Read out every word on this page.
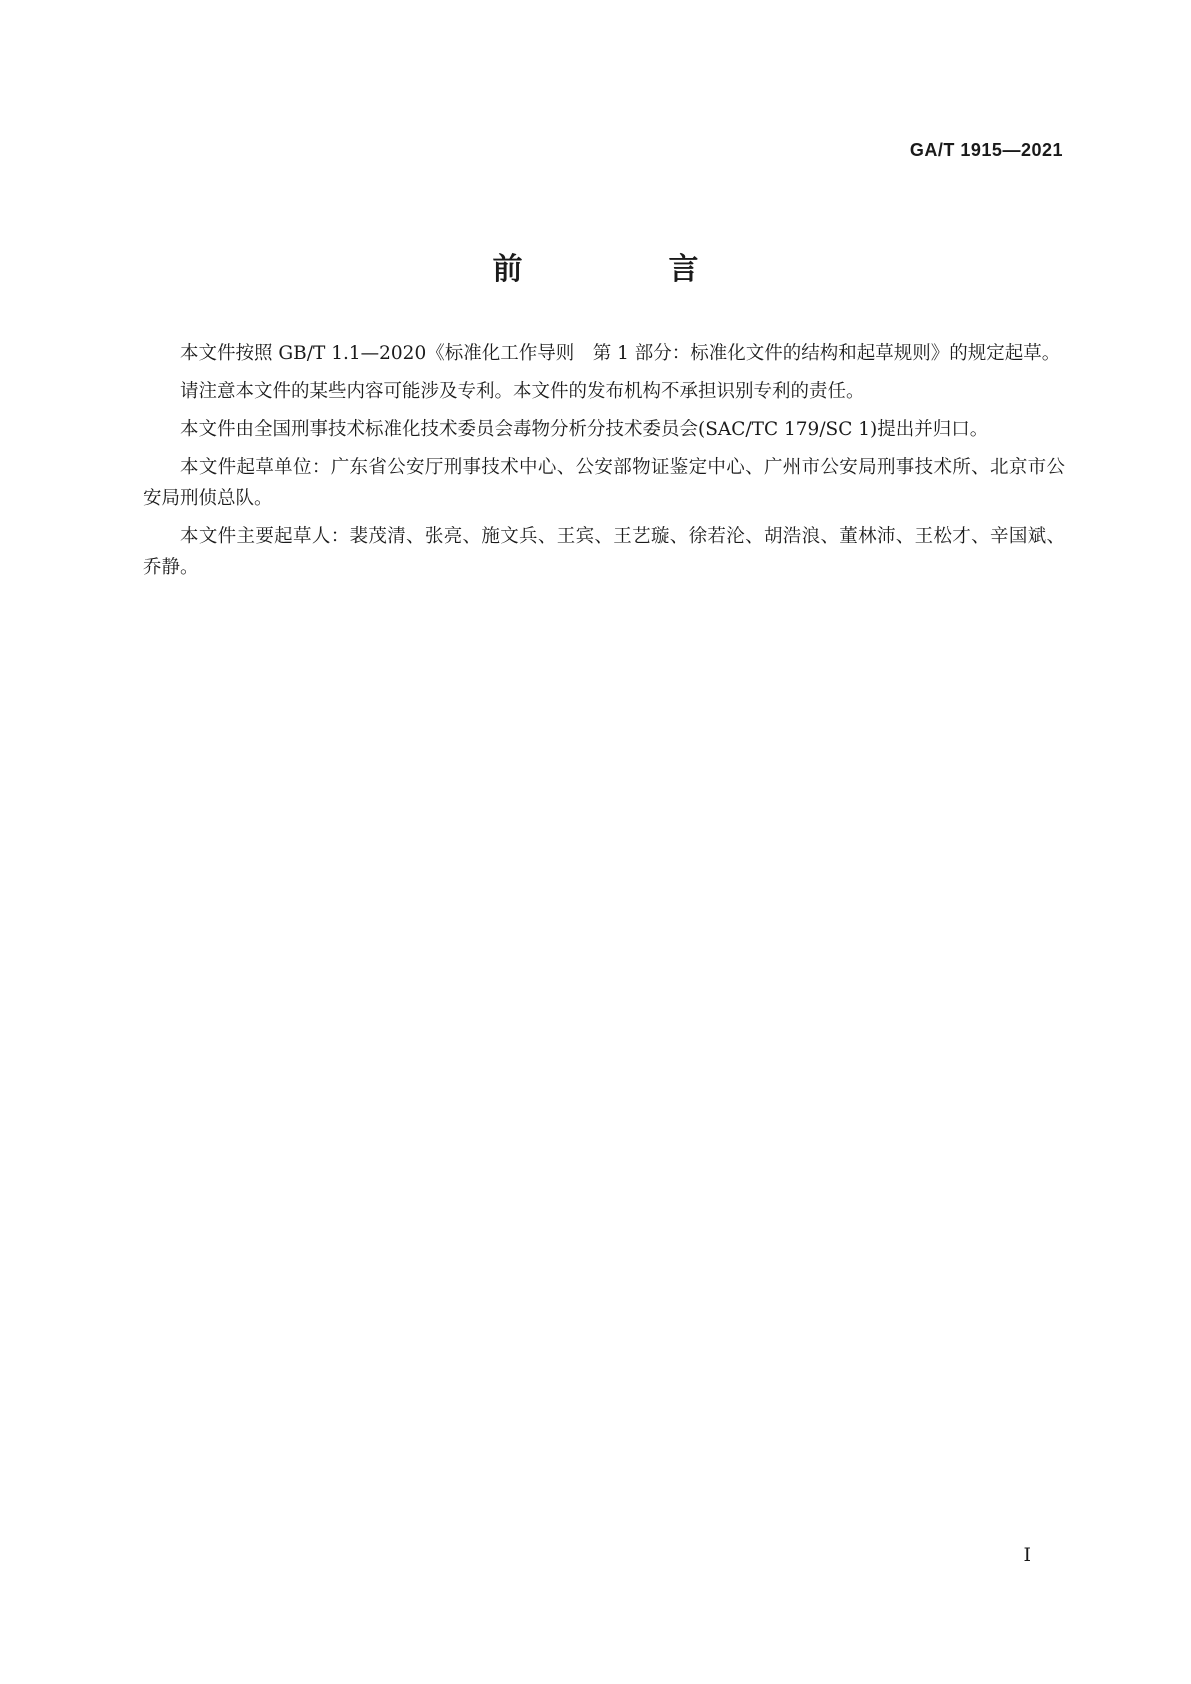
GA/T 1915—2021
前　言

本文件按照 GB/T 1.1—2020《标准化工作导则　第 1 部分：标准化文件的结构和起草规则》的规定起草。

请注意本文件的某些内容可能涉及专利。本文件的发布机构不承担识别专利的责任。

本文件由全国刑事技术标准化技术委员会毒物分析分技术委员会(SAC/TC 179/SC 1)提出并归口。

本文件起草单位：广东省公安厅刑事技术中心、公安部物证鉴定中心、广州市公安局刑事技术所、北京市公安局刑侦总队。

本文件主要起草人：裴茂清、张亮、施文兵、王宾、王艺璇、徐若沦、胡浩浪、董林沛、王松才、辛国斌、乔静。

I
